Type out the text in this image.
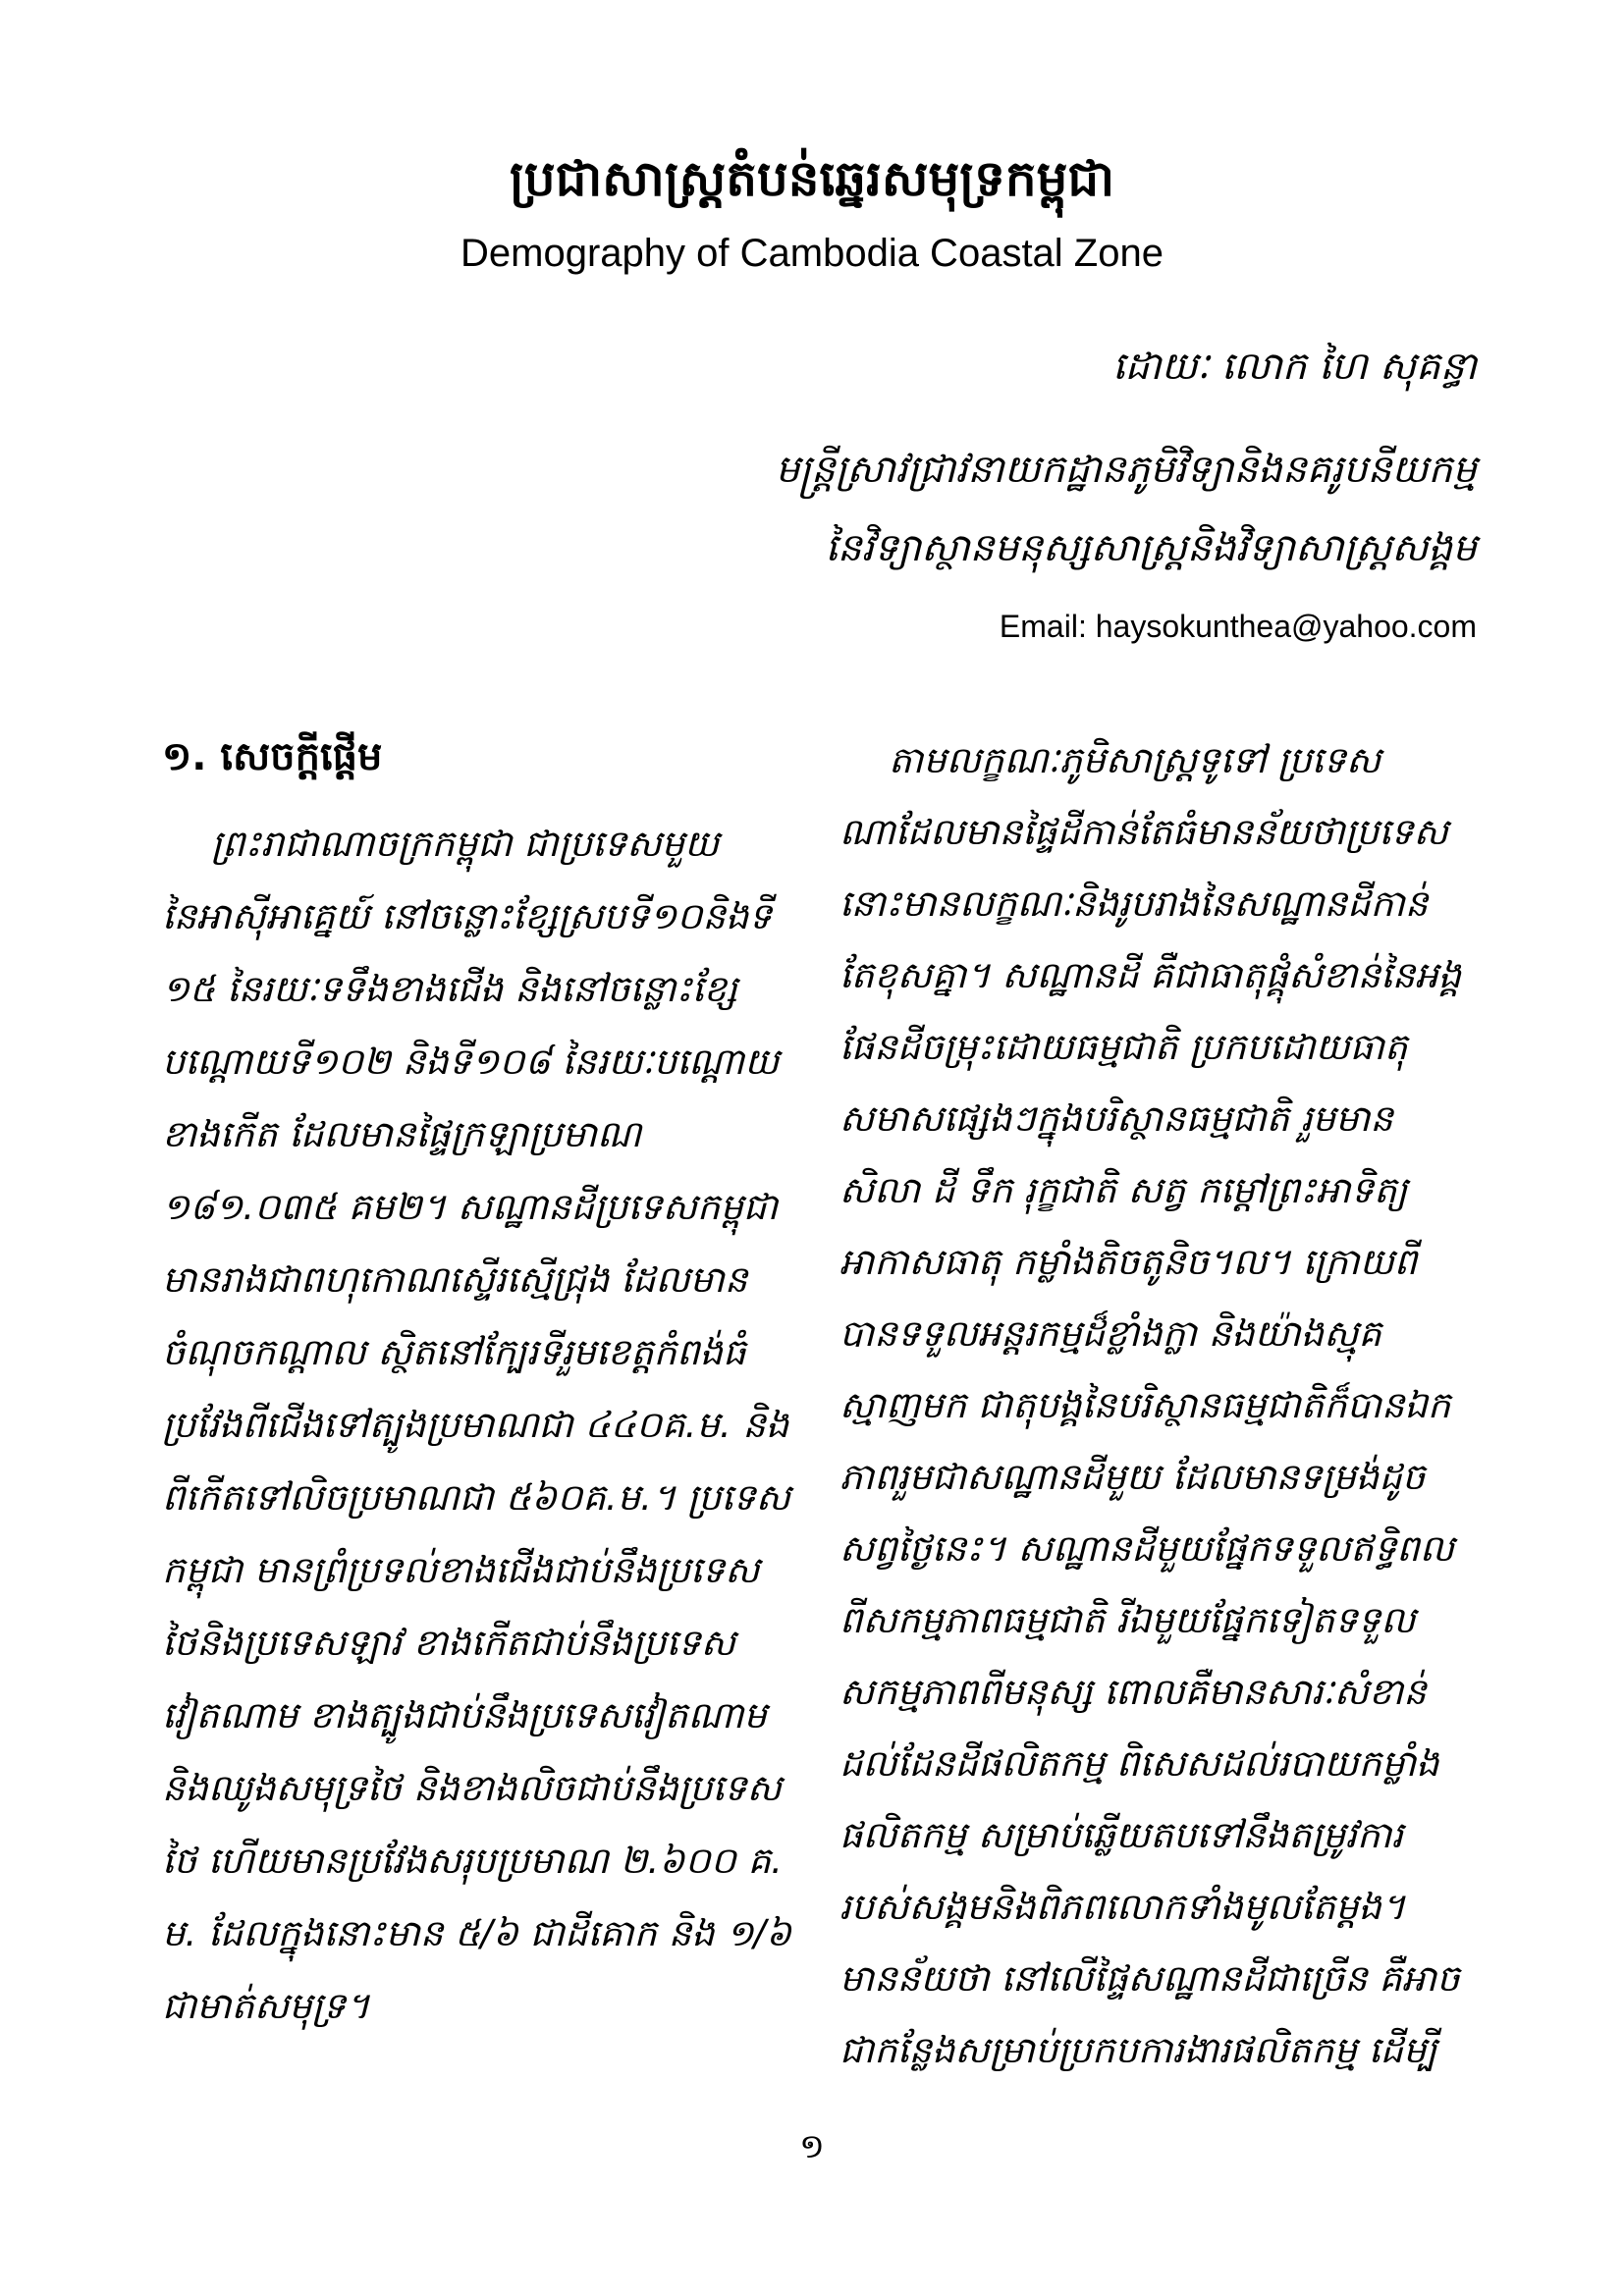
ប្រជាសាស្ត្រតំបន់ឆ្នេរសមុទ្រកម្ពុជា

Demography of Cambodia Coastal Zone

ដោយៈ លោក ហៃ សុគន្ធា

មន្ត្រីស្រាវជ្រាវនាយកដ្ឋានភូមិវិទ្យានិងនគរូបនីយកម្ម

នៃវិទ្យាស្ថានមនុស្សសាស្ត្រនិងវិទ្យាសាស្ត្រសង្គម

Email: haysokunthea@yahoo.com

១. សេចក្តីផ្តើម

ព្រះរាជាណាចក្រកម្ពុជា ជាប្រទេសមួយ

នៃអាស៊ីអាគ្នេយ៍ នៅចន្លោះខ្សែស្របទី១០និងទី

១៥ នៃរយៈទទឹងខាងជើង និងនៅចន្លោះខ្សែ

បណ្តោយទី១០២ និងទី១០៨ នៃរយៈបណ្តោយ

ខាងកើត ដែលមានផ្ទៃក្រឡាប្រមាណ

១៨១.០៣៥ គម២។ សណ្ឋានដីប្រទេសកម្ពុជា

មានរាងជាពហុកោណស្ទើរស្មើជ្រុង ដែលមាន

ចំណុចកណ្តាល ស្ថិតនៅក្បែរទីរួមខេត្តកំពង់ធំ

ប្រវែងពីជើងទៅត្បូងប្រមាណជា ៤៤០គ.ម. និង

ពីកើតទៅលិចប្រមាណជា ៥៦០គ.ម.។ ប្រទេស

កម្ពុជា មានព្រំប្រទល់ខាងជើងជាប់នឹងប្រទេស

ថៃនិងប្រទេសឡាវ ខាងកើតជាប់នឹងប្រទេស

វៀតណាម ខាងត្បូងជាប់នឹងប្រទេសវៀតណាម

និងឈូងសមុទ្រថៃ និងខាងលិចជាប់នឹងប្រទេស

ថៃ ហើយមានប្រវែងសរុបប្រមាណ ២.៦០០ គ.

ម. ដែលក្នុងនោះមាន ៥/៦ ជាដីគោក និង ១/៦

ជាមាត់សមុទ្រ។

តាមលក្ខណៈភូមិសាស្ត្រទូទៅ ប្រទេស

ណាដែលមានផ្ទៃដីកាន់តែធំមានន័យថាប្រទេស

នោះមានលក្ខណៈនិងរូបរាងនៃសណ្ឋានដីកាន់

តែខុសគ្នា។ សណ្ឋានដី គឺជាធាតុផ្គុំសំខាន់នៃអង្គ

ផែនដីចម្រុះដោយធម្មជាតិ ប្រកបដោយធាតុ

សមាសផ្សេងៗក្នុងបរិស្ថានធម្មជាតិ រួមមាន

សិលា ដី ទឹក រុក្ខជាតិ សត្វ កម្តៅព្រះអាទិត្យ

អាកាសធាតុ កម្លាំងតិចតូនិច។ល។ ក្រោយពី

បានទទួលអន្តរកម្មដ៏ខ្លាំងក្លា និងយ៉ាងស្មុគ

ស្មាញមក ជាតុបង្គនៃបរិស្ថានធម្មជាតិក៏បានឯក

ភាពរួមជាសណ្ឋានដីមួយ ដែលមានទម្រង់ដូច

សព្វថ្ងៃនេះ។ សណ្ឋានដីមួយផ្នែកទទួលឥទ្ធិពល

ពីសកម្មភាពធម្មជាតិ រីឯមួយផ្នែកទៀតទទួល

សកម្មភាពពីមនុស្ស ពោលគឺមានសារៈសំខាន់

ដល់ដែនដីផលិតកម្ម ពិសេសដល់របាយកម្លាំង

ផលិតកម្ម សម្រាប់ឆ្លើយតបទៅនឹងតម្រូវការ

របស់សង្គមនិងពិភពលោកទាំងមូលតែម្តង។

មានន័យថា នៅលើផ្ទៃសណ្ឋានដីជាច្រើន គឺអាច

ជាកន្លែងសម្រាប់ប្រកបការងារផលិតកម្ម ដើម្បី

១
